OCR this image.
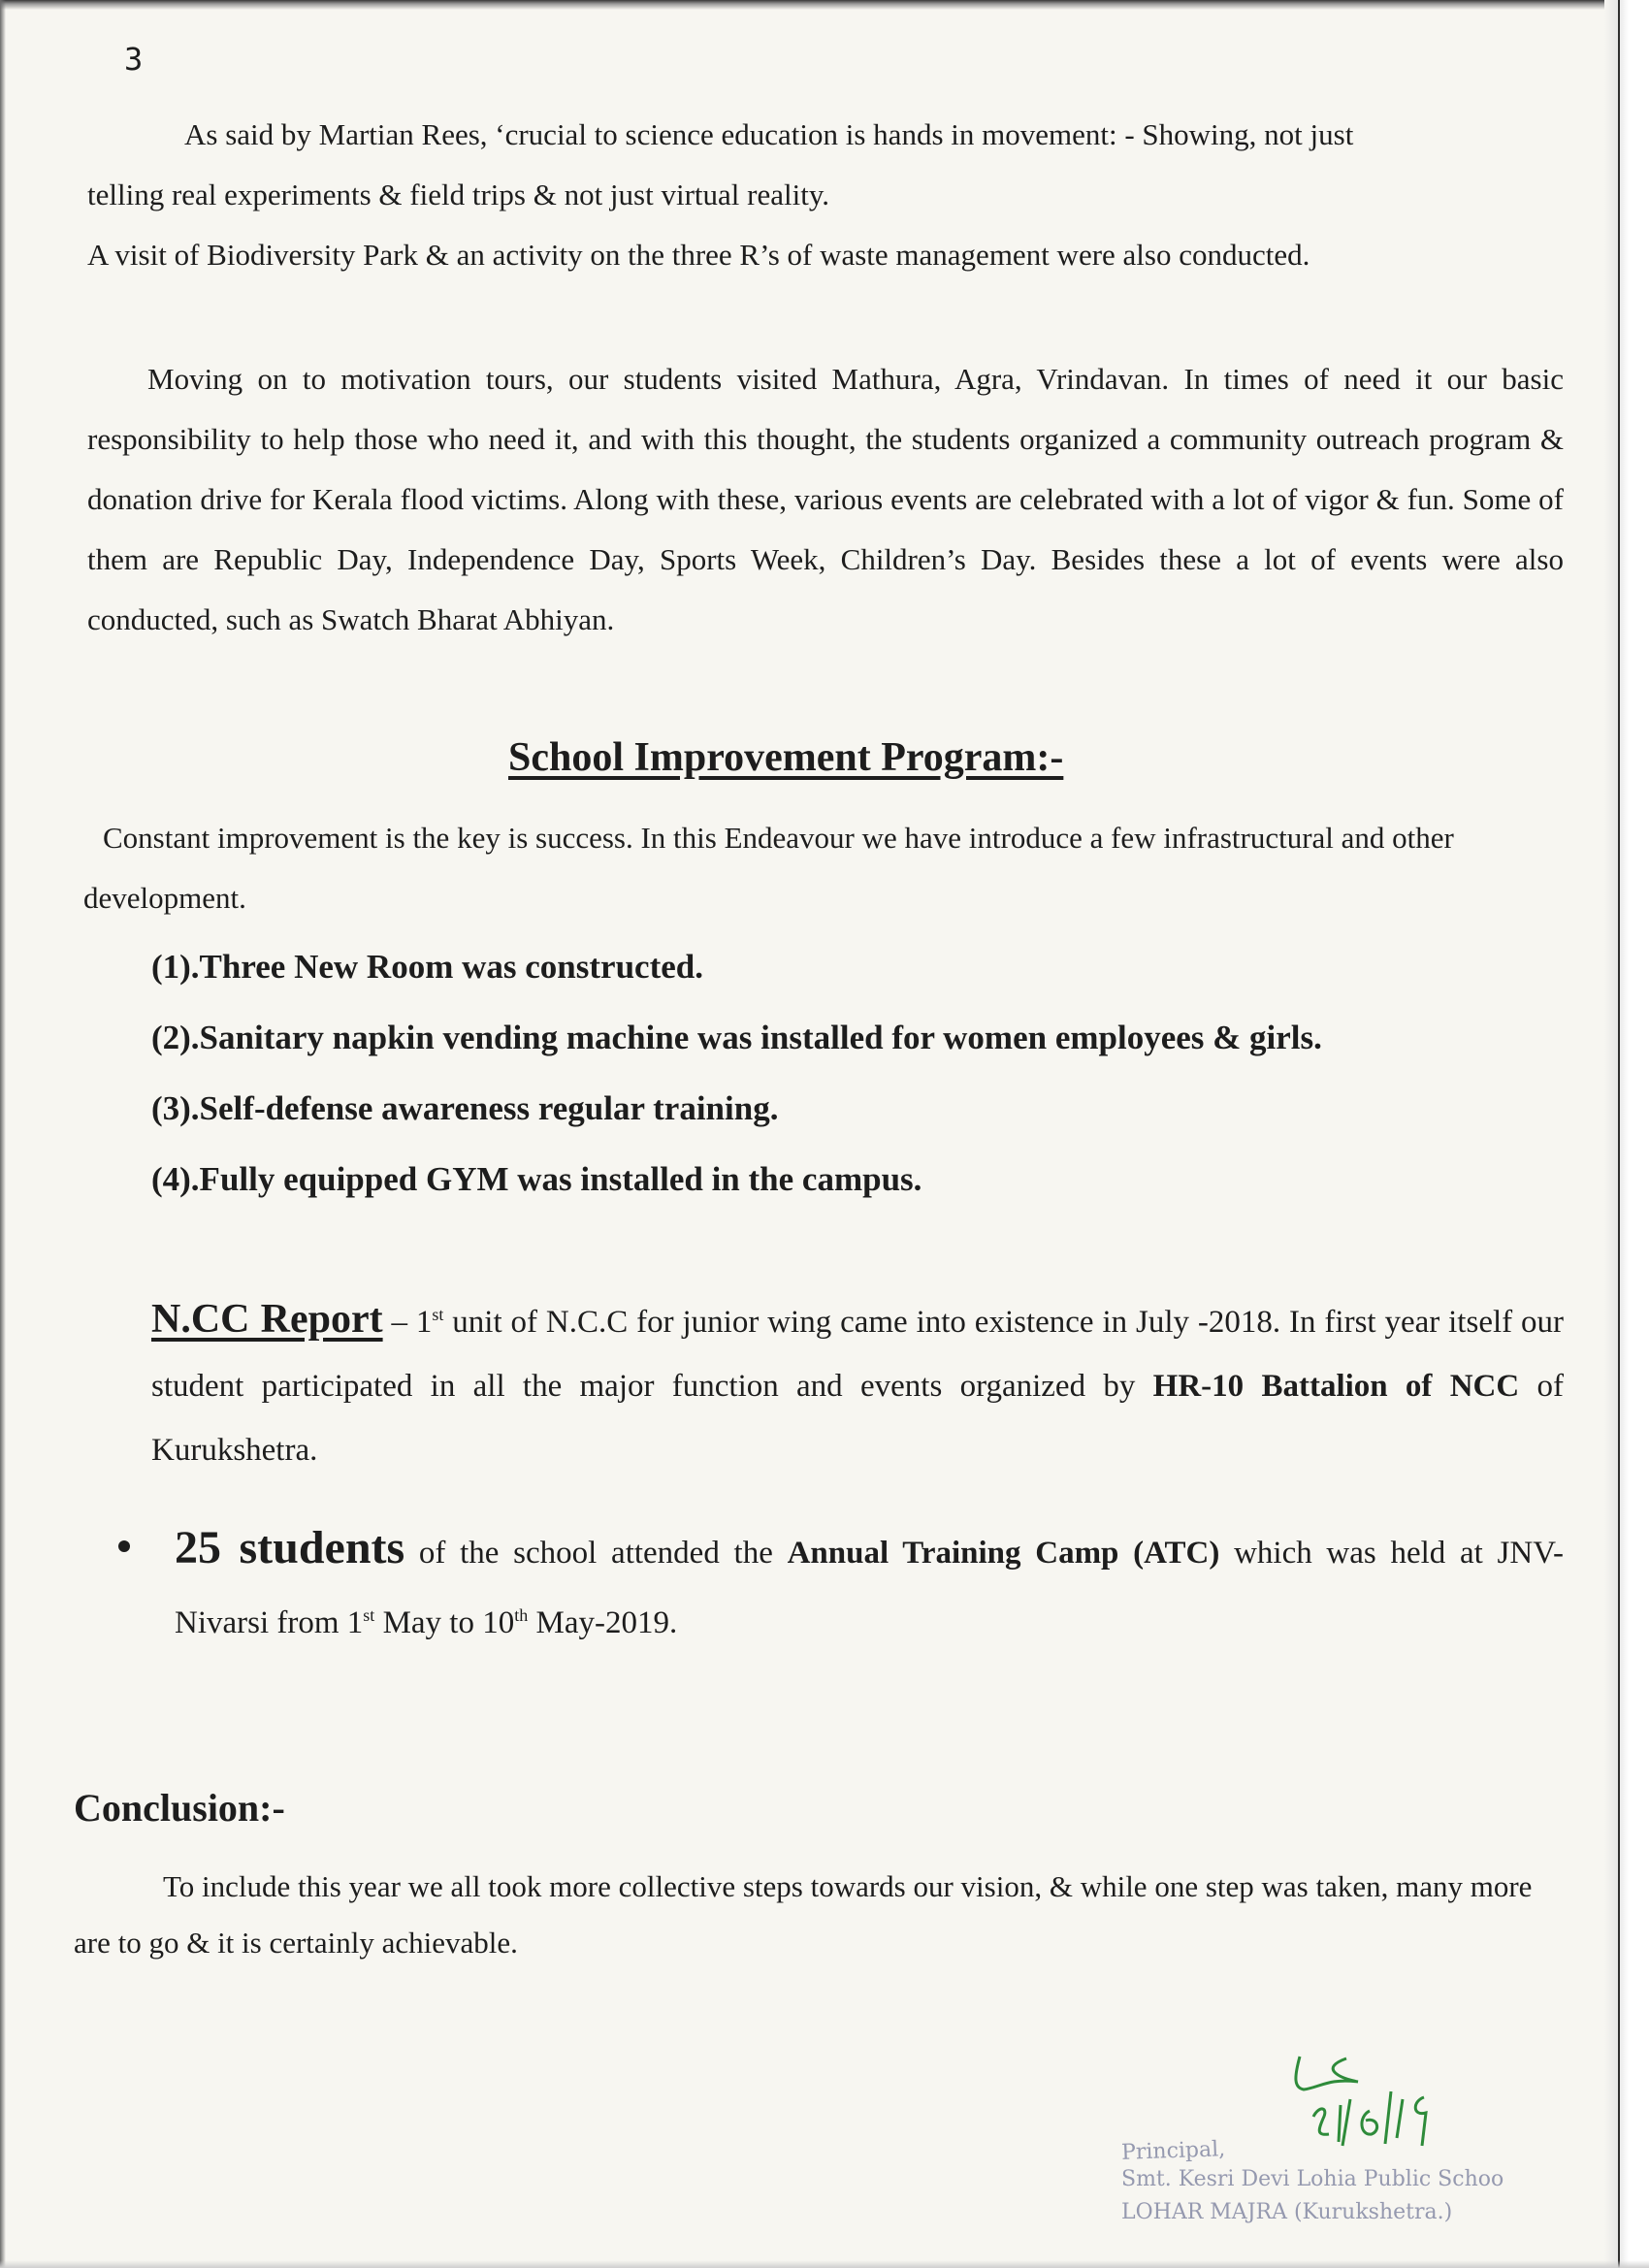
3

As said by Martian Rees, ‘crucial to science education is hands in movement: - Showing, not just
telling real experiments & field trips & not just virtual reality.
A visit of Biodiversity Park & an activity on the three R’s of waste management were also conducted.

Moving on to motivation tours, our students visited Mathura, Agra, Vrindavan. In times of need it our basic responsibility to help those who need it, and with this thought, the students organized a community outreach program & donation drive for Kerala flood victims. Along with these, various events are celebrated with a lot of vigor & fun. Some of them are Republic Day, Independence Day, Sports Week, Children’s Day. Besides these a lot of events were also conducted, such as Swatch Bharat Abhiyan.

School Improvement Program:-

Constant improvement is the key is success. In this Endeavour we have introduce a few infrastructural and other development.

(1).Three New Room was constructed.
(2).Sanitary napkin vending machine was installed for women employees & girls.
(3).Self-defense awareness regular training.
(4).Fully equipped GYM was installed in the campus.

N.CC Report – 1st unit of N.C.C for junior wing came into existence in July -2018. In first year itself our student participated in all the major function and events organized by HR-10 Battalion of NCC of Kurukshetra.

25 students of the school attended the Annual Training Camp (ATC) which was held at JNV-Nivarsi from 1st May to 10th May-2019.
Conclusion:-

To include this year we all took more collective steps towards our vision, & while one step was taken, many more are to go & it is certainly achievable.

Principal,
Smt. Kesri Devi Lohia Public Schoo
LOHAR MAJRA (Kurukshetra.)
